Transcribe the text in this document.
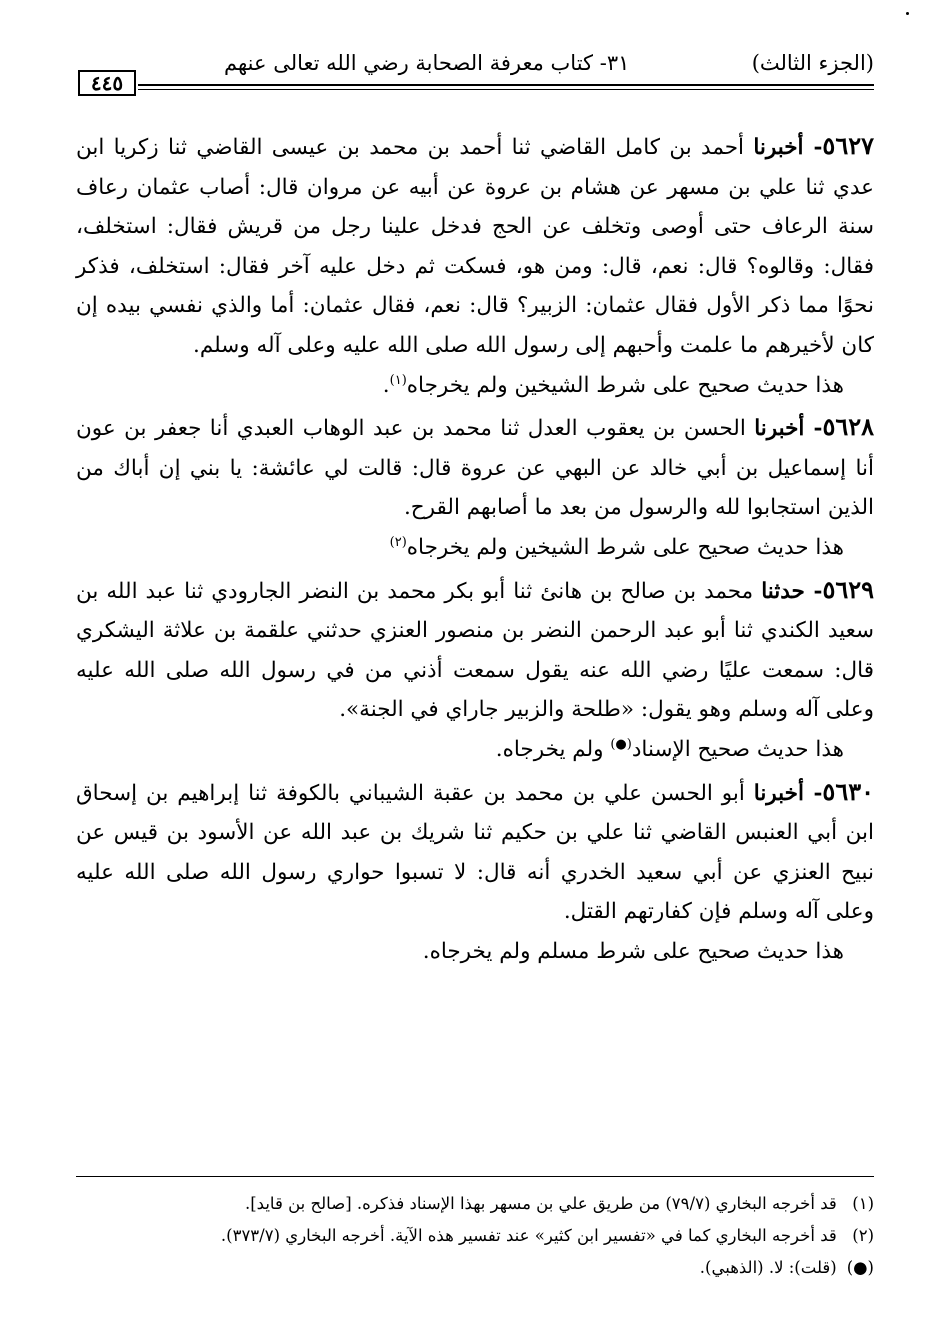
(الجزء الثالث)
٣١- كتاب معرفة الصحابة رضي الله تعالى عنهم
٤٤٥

٥٦٢٧- أخبرنا أحمد بن كامل القاضي ثنا أحمد بن محمد بن عيسى القاضي ثنا زكريا ابن عدي ثنا علي بن مسهر عن هشام بن عروة عن أبيه عن مروان قال: أصاب عثمان رعاف سنة الرعاف حتى أوصى وتخلف عن الحج فدخل علينا رجل من قريش فقال: استخلف، فقال: وقالوه؟ قال: نعم، قال: ومن هو، فسكت ثم دخل عليه آخر فقال: استخلف، فذكر نحوًا مما ذكر الأول فقال عثمان: الزبير؟ قال: نعم، فقال عثمان: أما والذي نفسي بيده إن كان لأخيرهم ما علمت وأحبهم إلى رسول الله صلى الله عليه وعلى آله وسلم.

هذا حديث صحيح على شرط الشيخين ولم يخرجاه$^{(١)}$.

٥٦٢٨- أخبرنا الحسن بن يعقوب العدل ثنا محمد بن عبد الوهاب العبدي أنا جعفر بن عون أنا إسماعيل بن أبي خالد عن البهي عن عروة قال: قالت لي عائشة: يا بني إن أباك من الذين استجابوا لله والرسول من بعد ما أصابهم القرح.

هذا حديث صحيح على شرط الشيخين ولم يخرجاه$^{(٢)}$

٥٦٢٩- حدثنا محمد بن صالح بن هانئ ثنا أبو بكر محمد بن النضر الجارودي ثنا عبد الله بن سعيد الكندي ثنا أبو عبد الرحمن النضر بن منصور العنزي حدثني علقمة بن علاثة اليشكري قال: سمعت عليًا رضي الله عنه يقول سمعت أذني من في رسول الله صلى الله عليه وعلى آله وسلم وهو يقول: «طلحة والزبير جاراي في الجنة».

هذا حديث صحيح الإسناد(●) ولم يخرجاه.

٥٦٣٠- أخبرنا أبو الحسن علي بن محمد بن عقبة الشيباني بالكوفة ثنا إبراهيم بن إسحاق ابن أبي العنبس القاضي ثنا علي بن حكيم ثنا شريك بن عبد الله عن الأسود بن قيس عن نبيح العنزي عن أبي سعيد الخدري أنه قال: لا تسبوا حواري رسول الله صلى الله عليه وعلى آله وسلم فإن كفارتهم القتل.

هذا حديث صحيح على شرط مسلم ولم يخرجاه.

(١) قد أخرجه البخاري (٧٩/٧) من طريق علي بن مسهر بهذا الإسناد فذكره. [صالح بن قايد].

(٢) قد أخرجه البخاري كما في «تفسير ابن كثير» عند تفسير هذه الآية. أخرجه البخاري (٣٧٣/٧).

(●) (قلت): لا. (الذهبي).
